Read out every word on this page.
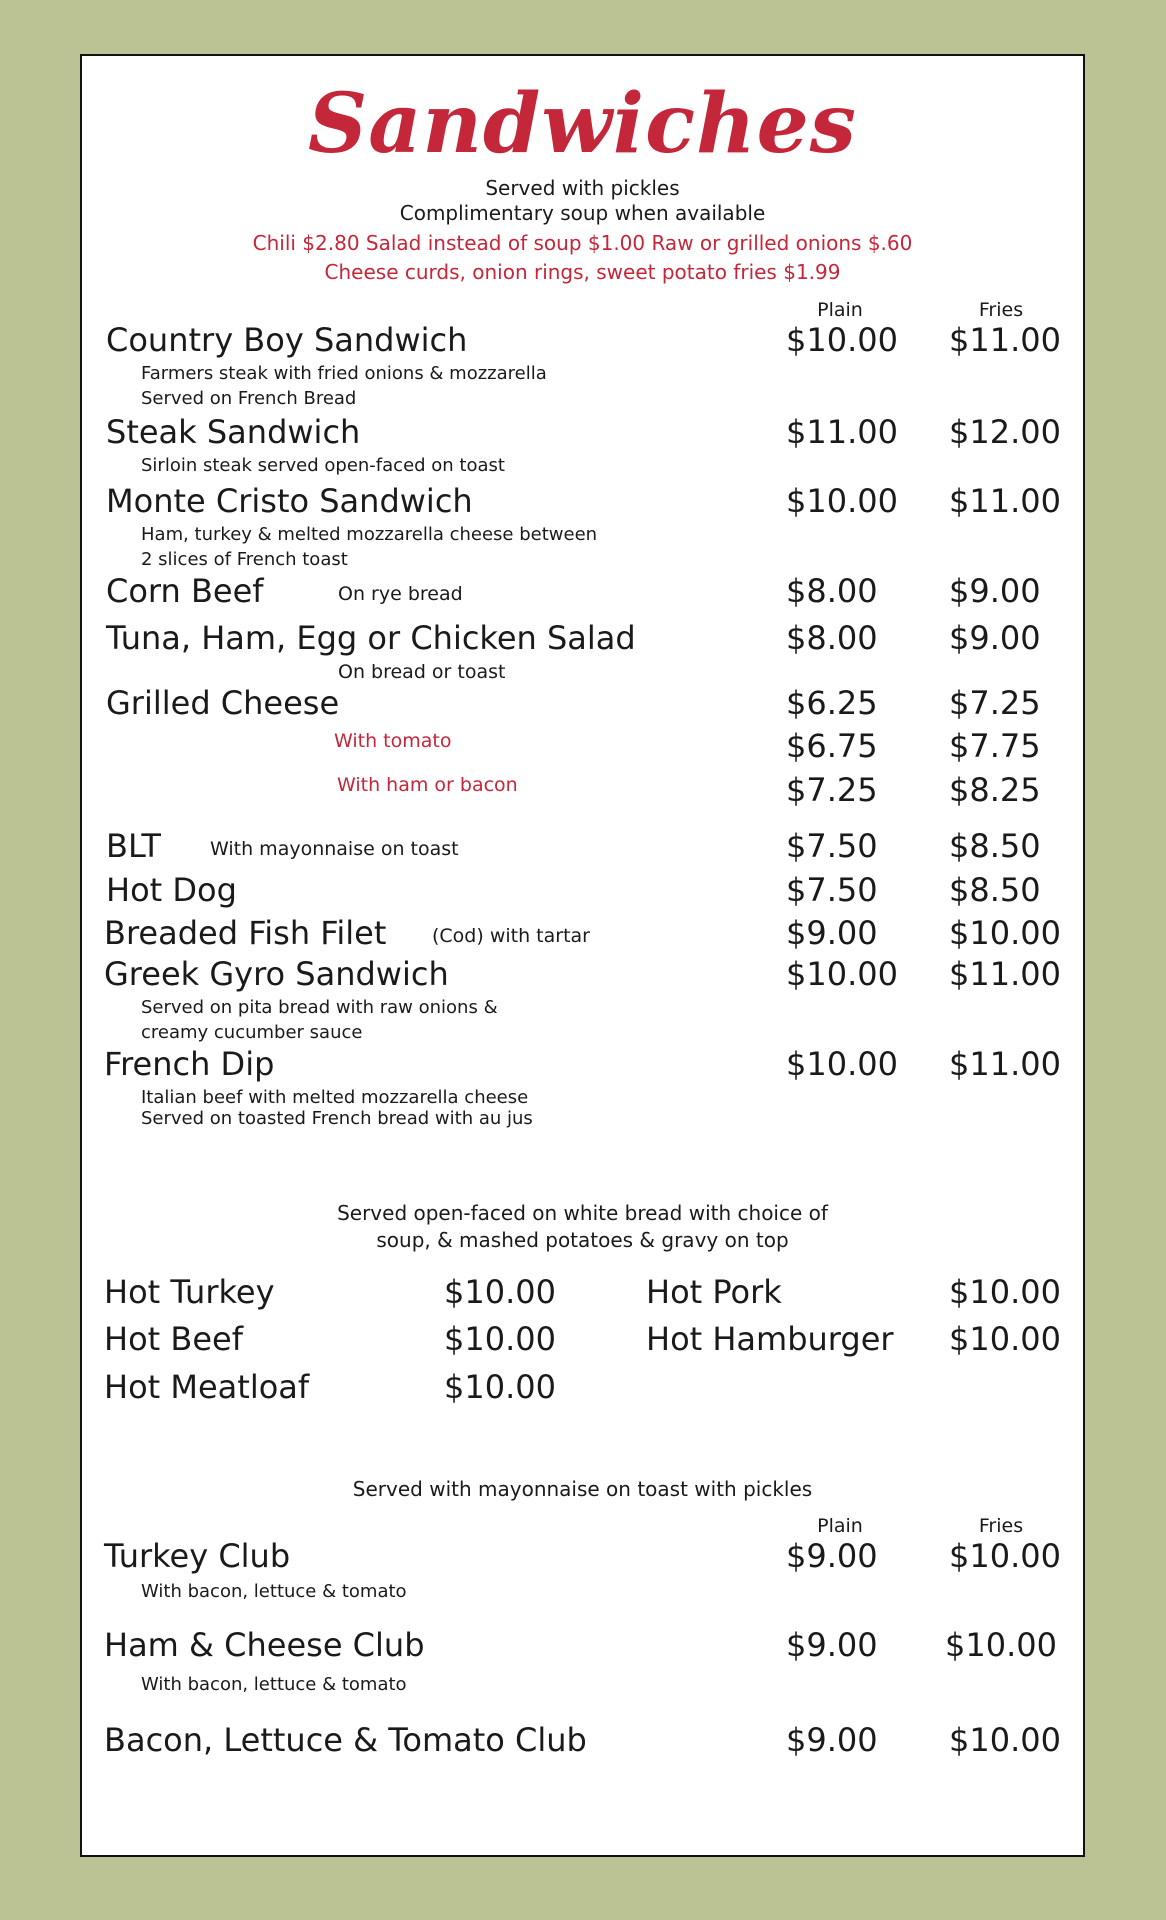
Sandwiches
Served with pickles
Complimentary soup when available
Chili $2.80 Salad instead of soup $1.00 Raw or grilled onions $.60
Cheese curds, onion rings, sweet potato fries $1.99
Plain	Fries
Country Boy Sandwich	$10.00 $11.00
Farmers steak with fried onions & mozzarella
Served on French Bread
Steak Sandwich	$11.00 $12.00
Sirloin steak served open-faced on toast
Monte Cristo Sandwich	$10.00 $11.00
Ham, turkey & melted mozzarella cheese between
2 slices of French toast
Corn Beef	On rye bread	$8.00 $9.00
Tuna, Ham, Egg or Chicken Salad	$8.00 $9.00
On bread or toast
Grilled Cheese	$6.25 $7.25
With tomato	$6.75 $7.75
With ham or bacon	$7.25 $8.25
BLT	With mayonnaise on toast	$7.50 $8.50
Hot Dog	$7.50 $8.50
Breaded Fish Filet (Cod) with tartar	$9.00 $10.00
Greek Gyro Sandwich	$10.00 $11.00
Served on pita bread with raw onions &
creamy cucumber sauce
French Dip	$10.00 $11.00
Italian beef with melted mozzarella cheese
Served on toasted French bread with au jus
Served open-faced on white bread with choice of
soup, & mashed potatoes & gravy on top
Hot Turkey	$10.00
Hot Beef	$10.00
Hot Meatloaf	$10.00
Hot Pork	$10.00
Hot Hamburger $10.00
Served with mayonnaise on toast with pickles
Plain	Fries
Turkey Club	$9.00 $10.00
With bacon, lettuce & tomato
Ham & Cheese Club	$9.00 $10.00
With bacon, lettuce & tomato
Bacon, Lettuce & Tomato Club	$9.00 $10.00
